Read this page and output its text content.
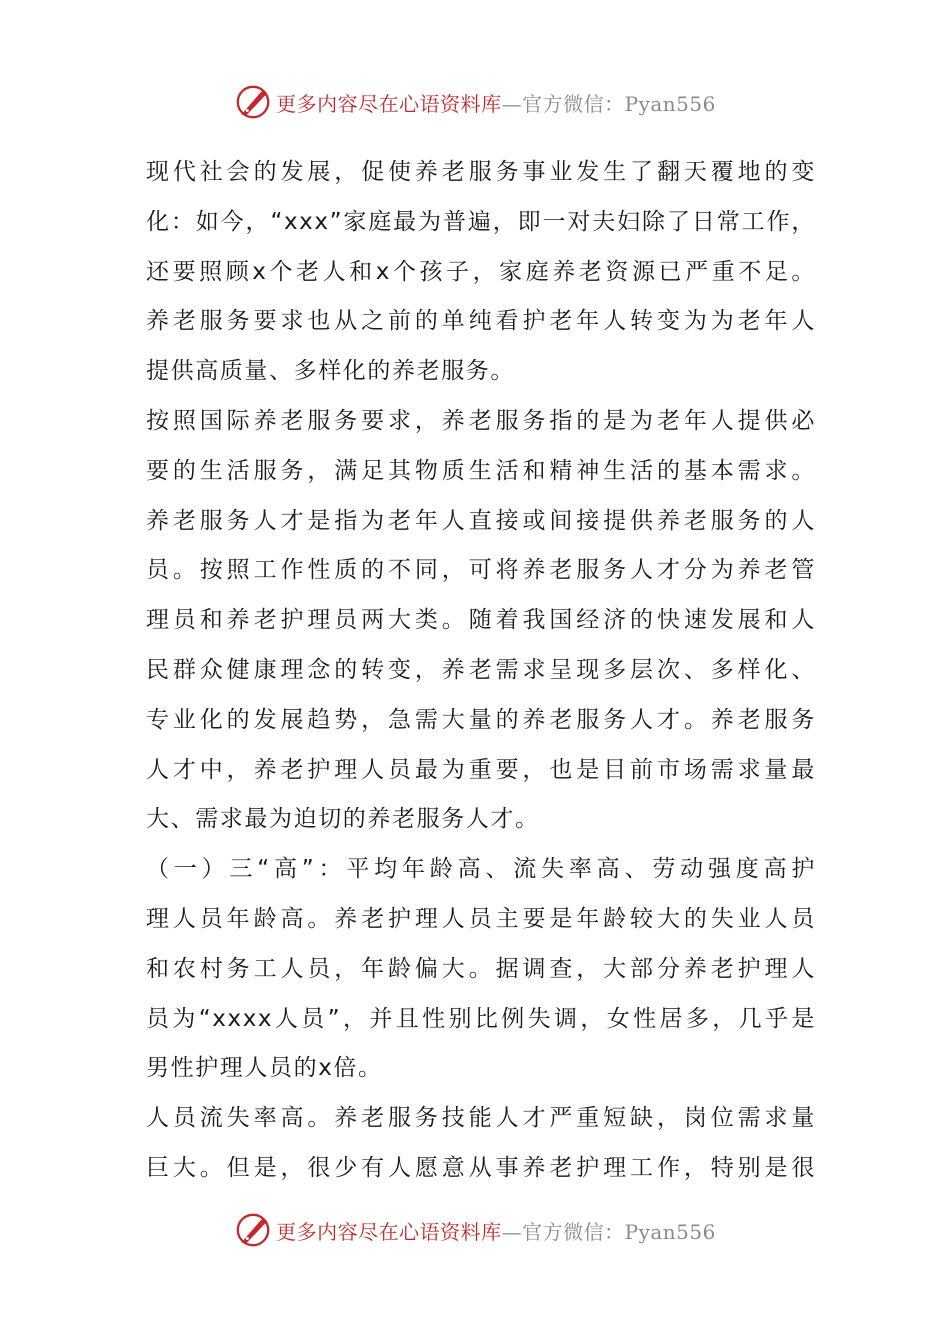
更多内容尽在心语资料库—官方微信：Pyan556
现代社会的发展，促使养老服务事业发生了翻天覆地的变
化：如今，“xxx”家庭最为普遍，即一对夫妇除了日常工作，
还要照顾x个老人和x个孩子，家庭养老资源已严重不足。
养老服务要求也从之前的单纯看护老年人转变为为老年人
提供高质量、多样化的养老服务。
按照国际养老服务要求，养老服务指的是为老年人提供必
要的生活服务，满足其物质生活和精神生活的基本需求。
养老服务人才是指为老年人直接或间接提供养老服务的人
员。按照工作性质的不同，可将养老服务人才分为养老管
理员和养老护理员两大类。随着我国经济的快速发展和人
民群众健康理念的转变，养老需求呈现多层次、多样化、
专业化的发展趋势，急需大量的养老服务人才。养老服务
人才中，养老护理人员最为重要，也是目前市场需求量最
大、需求最为迫切的养老服务人才。
（一）三“高”：平均年龄高、流失率高、劳动强度高护
理人员年龄高。养老护理人员主要是年龄较大的失业人员
和农村务工人员，年龄偏大。据调查，大部分养老护理人
员为“xxxx人员”，并且性别比例失调，女性居多，几乎是
男性护理人员的x倍。
人员流失率高。养老服务技能人才严重短缺，岗位需求量
巨大。但是，很少有人愿意从事养老护理工作，特别是很
更多内容尽在心语资料库—官方微信：Pyan556
